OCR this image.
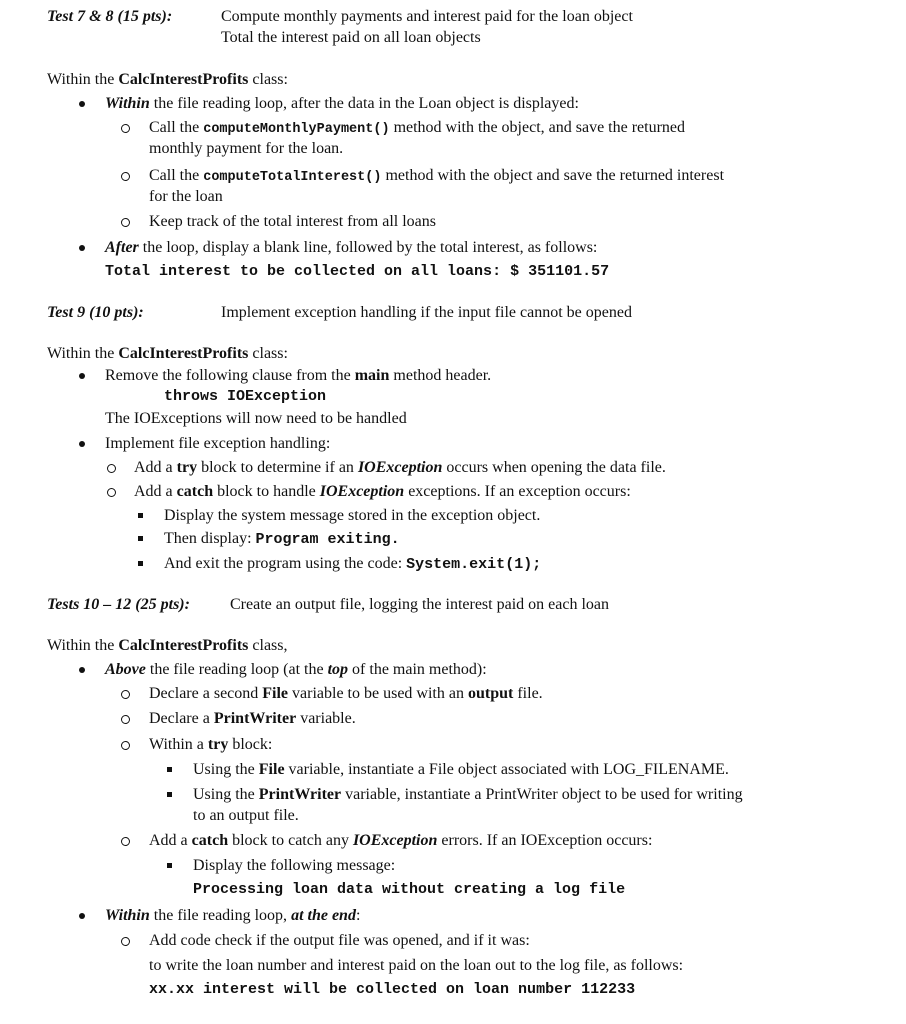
Test 7 & 8 (15 pts):	Compute monthly payments and interest paid for the loan object
Total the interest paid on all loan objects
Within the CalcInterestProfits class:
Within the file reading loop, after the data in the Loan object is displayed:
Call the computeMonthlyPayment() method with the object, and save the returned
monthly payment for the loan.
Call the computeTotalInterest() method with the object and save the returned interest
for the loan
Keep track of the total interest from all loans
After the loop, display a blank line, followed by the total interest, as follows:
Total interest to be collected on all loans: $ 351101.57
Test 9 (10 pts):	Implement exception handling if the input file cannot be opened
Within the CalcInterestProfits class:
Remove the following clause from the main method header.
throws IOException
The IOExceptions will now need to be handled
Implement file exception handling:
Add a try block to determine if an IOException occurs when opening the data file.
Add a catch block to handle IOException exceptions. If an exception occurs:
Display the system message stored in the exception object.
Then display: Program exiting.
And exit the program using the code: System.exit(1);
Tests 10 – 12 (25 pts):	Create an output file, logging the interest paid on each loan
Within the CalcInterestProfits class,
Above the file reading loop (at the top of the main method):
Declare a second File variable to be used with an output file.
Declare a PrintWriter variable.
Within a try block:
Using the File variable, instantiate a File object associated with LOG_FILENAME.
Using the PrintWriter variable, instantiate a PrintWriter object to be used for writing
to an output file.
Add a catch block to catch any IOException errors. If an IOException occurs:
Display the following message:
Processing loan data without creating a log file
Within the file reading loop, at the end:
Add code check if the output file was opened, and if it was:
to write the loan number and interest paid on the loan out to the log file, as follows:
xx.xx interest will be collected on loan number 112233
